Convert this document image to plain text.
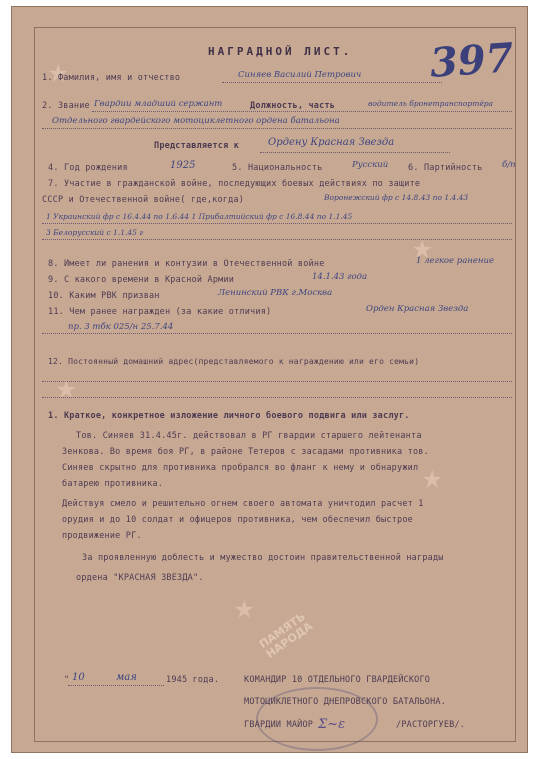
★
★
★
★
★
ПАМЯТЬ НАРОДА
397
НАГРАДНОЙ ЛИСТ.
1. Фамилия, имя и отчество	Синяев Василий Петрович
2. Звание Гвардии младший сержант	Должность, часть	водитель бронетранспортёра
Отдельного гвардейского мотоциклетного ордена батальона
Представляется к	Ордену Красная Звезда
4. Год рождения	1925	5. Национальность	Русский 6. Партийность б/п
7. Участие в гражданской войне, последующих боевых действиях по защите
СССР и Отечественной войне( где,когда)	Воронежский фр с 14.8.43 по 1.4.43
1 Украинский фр с 16.4.44 по 1.6.44 1 Прибалтийский фр с 16.8.44 по 1.1.45
3 Белорусский с 1.1.45 г
8. Имеет ли ранения и контузии в Отечественной войне	1 легкое ранение
9. С какого времени в Красной Армии	14.1.43 года
10. Каким РВК призван	Ленинский РВК г.Москва
11. Чем ранее награжден (за какие отличия)	Орден Красная Звезда
пр. 3 тбк 025/н 25.7.44
12. Постоянный домашний адрес(представляемого к награждению или его семьи)
1. Краткое, конкретное изложение личного боевого подвига или заслуг.
Тов. Синяев 31.4.45г. действовал в РГ гвардии старшего лейтенанта
Зенкова. Во время боя РГ, в районе Тетеров с засадами противника тов.
Синяев скрытно для противника пробрался во фланг к нему и обнаружил
батарею противника.
Действуя смело и решительно огнем своего автомата уничтодил расчет 1
орудия и до 10 солдат и офицеров противника, чем обеспечил быстрое
продвижение РГ.
За проявленную доблесть и мужество достоин правительственной награды
ордена "КРАСНАЯ ЗВЕЗДА".
" 10	мая	1945 года.	КОМАНДИР 10 ОТДЕЛЬНОГО ГВАРДЕЙСКОГО
МОТОЦИКЛЕТНОГО ДНЕПРОВСКОГО БАТАЛЬОНА.
ГВАРДИИ МАЙОР Ʃ~ε	/РАСТОРГУЕВ/.
